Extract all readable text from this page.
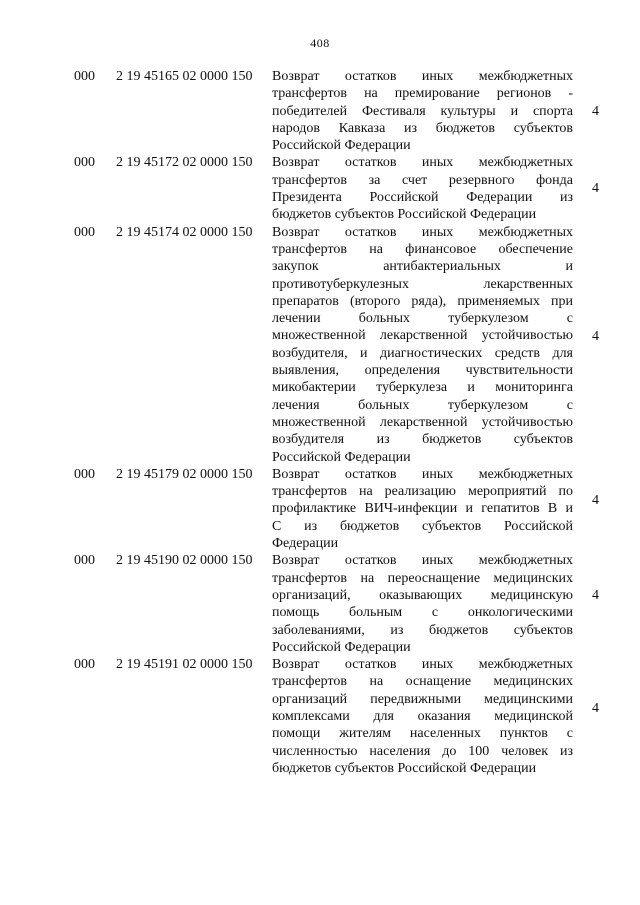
408
000 2 19 45165 02 0000 150 Возврат остатков иных межбюджетных
трансфертов на премирование регионов -
победителей Фестиваля культуры и спорта
народов Кавказа из бюджетов субъектов
Российской Федерации
4
000 2 19 45172 02 0000 150 Возврат остатков иных межбюджетных
трансфертов за счет резервного фонда
Президента Российской Федерации из
бюджетов субъектов Российской Федерации
4
000 2 19 45174 02 0000 150 Возврат остатков иных межбюджетных
трансфертов на финансовое обеспечение
закупок антибактериальных и
противотуберкулезных лекарственных
препаратов (второго ряда), применяемых при
лечении больных туберкулезом с
множественной лекарственной устойчивостью
возбудителя, и диагностических средств для
выявления, определения чувствительности
микобактерии туберкулеза и мониторинга
лечения больных туберкулезом с
множественной лекарственной устойчивостью
возбудителя из бюджетов субъектов
Российской Федерации
4
000 2 19 45179 02 0000 150 Возврат остатков иных межбюджетных
трансфертов на реализацию мероприятий по
профилактике ВИЧ-инфекции и гепатитов В и
С из бюджетов субъектов Российской
Федерации
4
000 2 19 45190 02 0000 150 Возврат остатков иных межбюджетных
трансфертов на переоснащение медицинских
организаций, оказывающих медицинскую
помощь больным с онкологическими
заболеваниями, из бюджетов субъектов
Российской Федерации
4
000 2 19 45191 02 0000 150 Возврат остатков иных межбюджетных
трансфертов на оснащение медицинских
организаций передвижными медицинскими
комплексами для оказания медицинской
помощи жителям населенных пунктов с
численностью населения до 100 человек из
бюджетов субъектов Российской Федерации
4
